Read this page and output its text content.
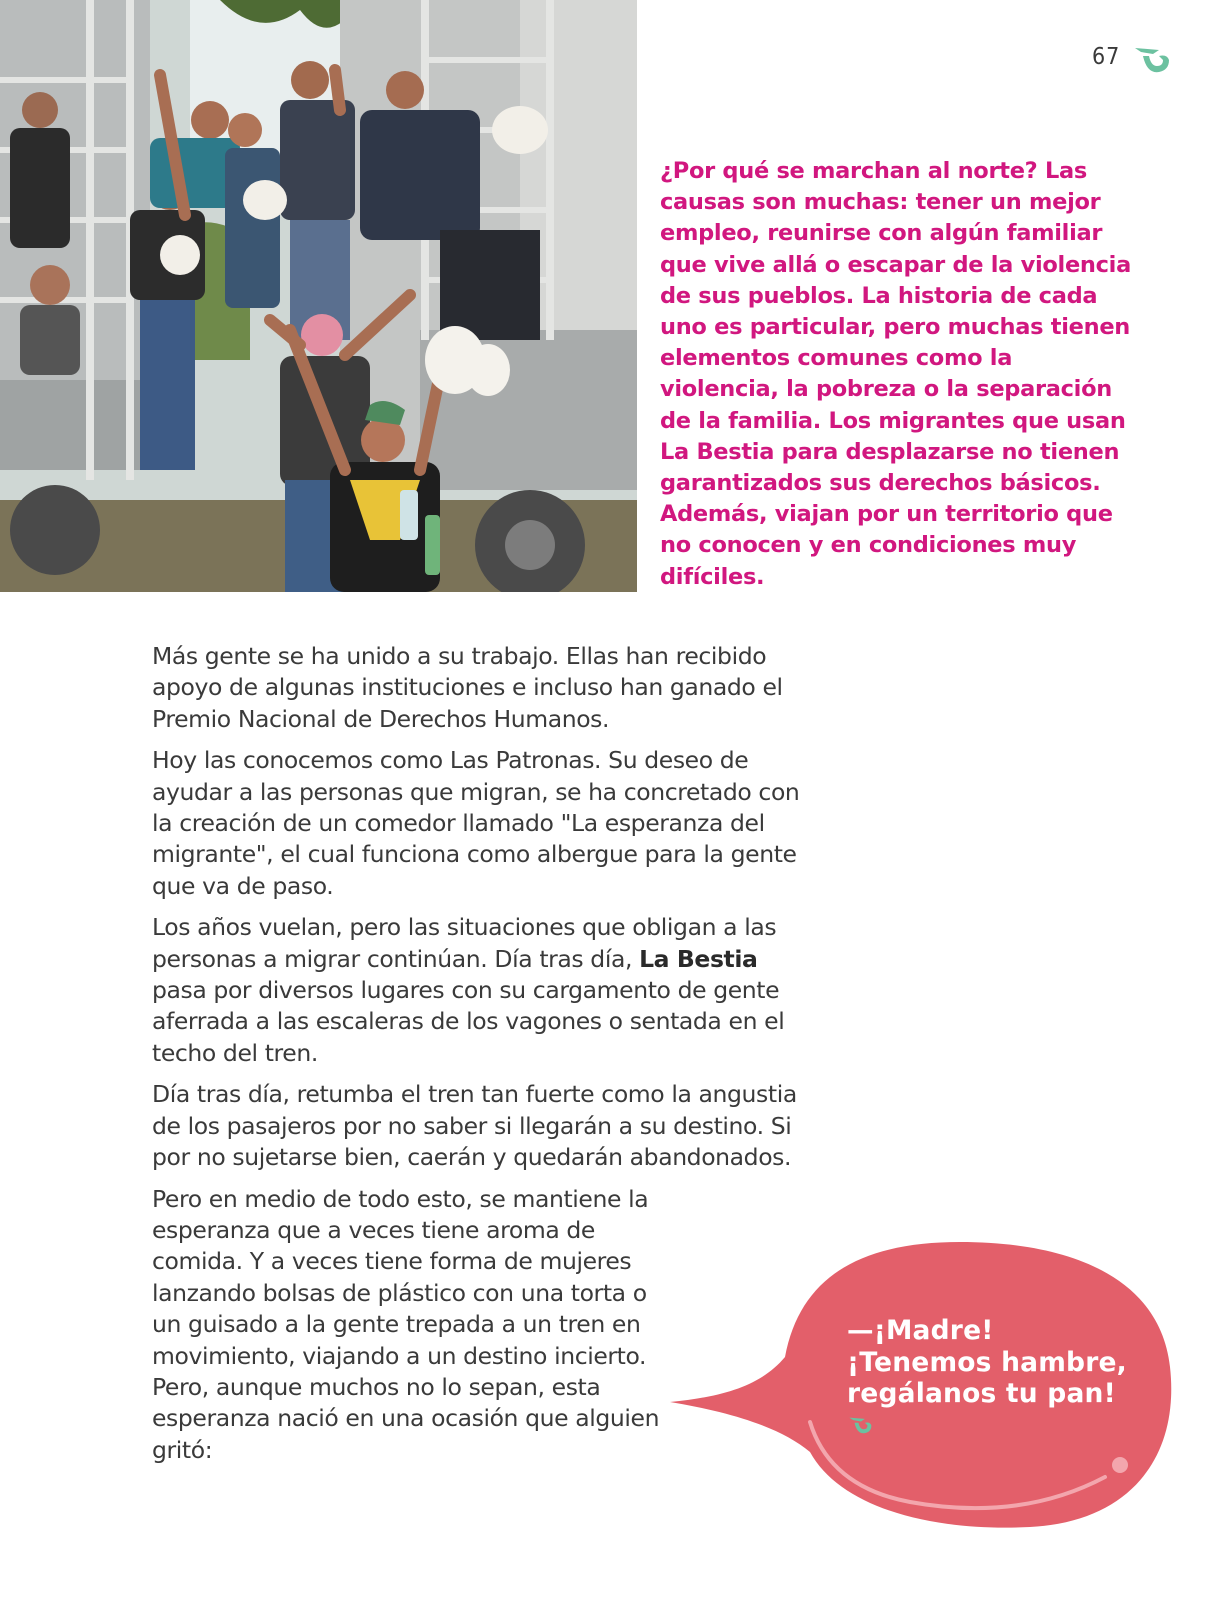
67
¿Por qué se marchan al norte? Las causas son muchas: tener un mejor empleo, reunirse con algún familiar que vive allá o escapar de la violencia de sus pueblos. La historia de cada uno es particular, pero muchas tienen elementos comunes como la violencia, la pobreza o la separación de la familia. Los migrantes que usan La Bestia para desplazarse no tienen garantizados sus derechos básicos. Además, viajan por un territorio que no conocen y en condiciones muy difíciles.

Más gente se ha unido a su trabajo. Ellas han recibido apoyo de algunas instituciones e incluso han ganado el Premio Nacional de Derechos Humanos.

Hoy las conocemos como Las Patronas. Su deseo de ayudar a las personas que migran, se ha concretado con la creación de un comedor llamado "La esperanza del migrante", el cual funciona como albergue para la gente que va de paso.

Los años vuelan, pero las situaciones que obligan a las personas a migrar continúan. Día tras día, La Bestia pasa por diversos lugares con su cargamento de gente aferrada a las escaleras de los vagones o sentada en el techo del tren.

Día tras día, retumba el tren tan fuerte como la angustia de los pasajeros por no saber si llegarán a su destino. Si por no sujetarse bien, caerán y quedarán abandonados.

Pero en medio de todo esto, se mantiene la esperanza que a veces tiene aroma de comida. Y a veces tiene forma de mujeres lanzando bolsas de plástico con una torta o un guisado a la gente trepada a un tren en movimiento, viajando a un destino incierto. Pero, aunque muchos no lo sepan, esta esperanza nació en una ocasión que alguien gritó:

—¡Madre! ¡Tenemos hambre, regálanos tu pan!
